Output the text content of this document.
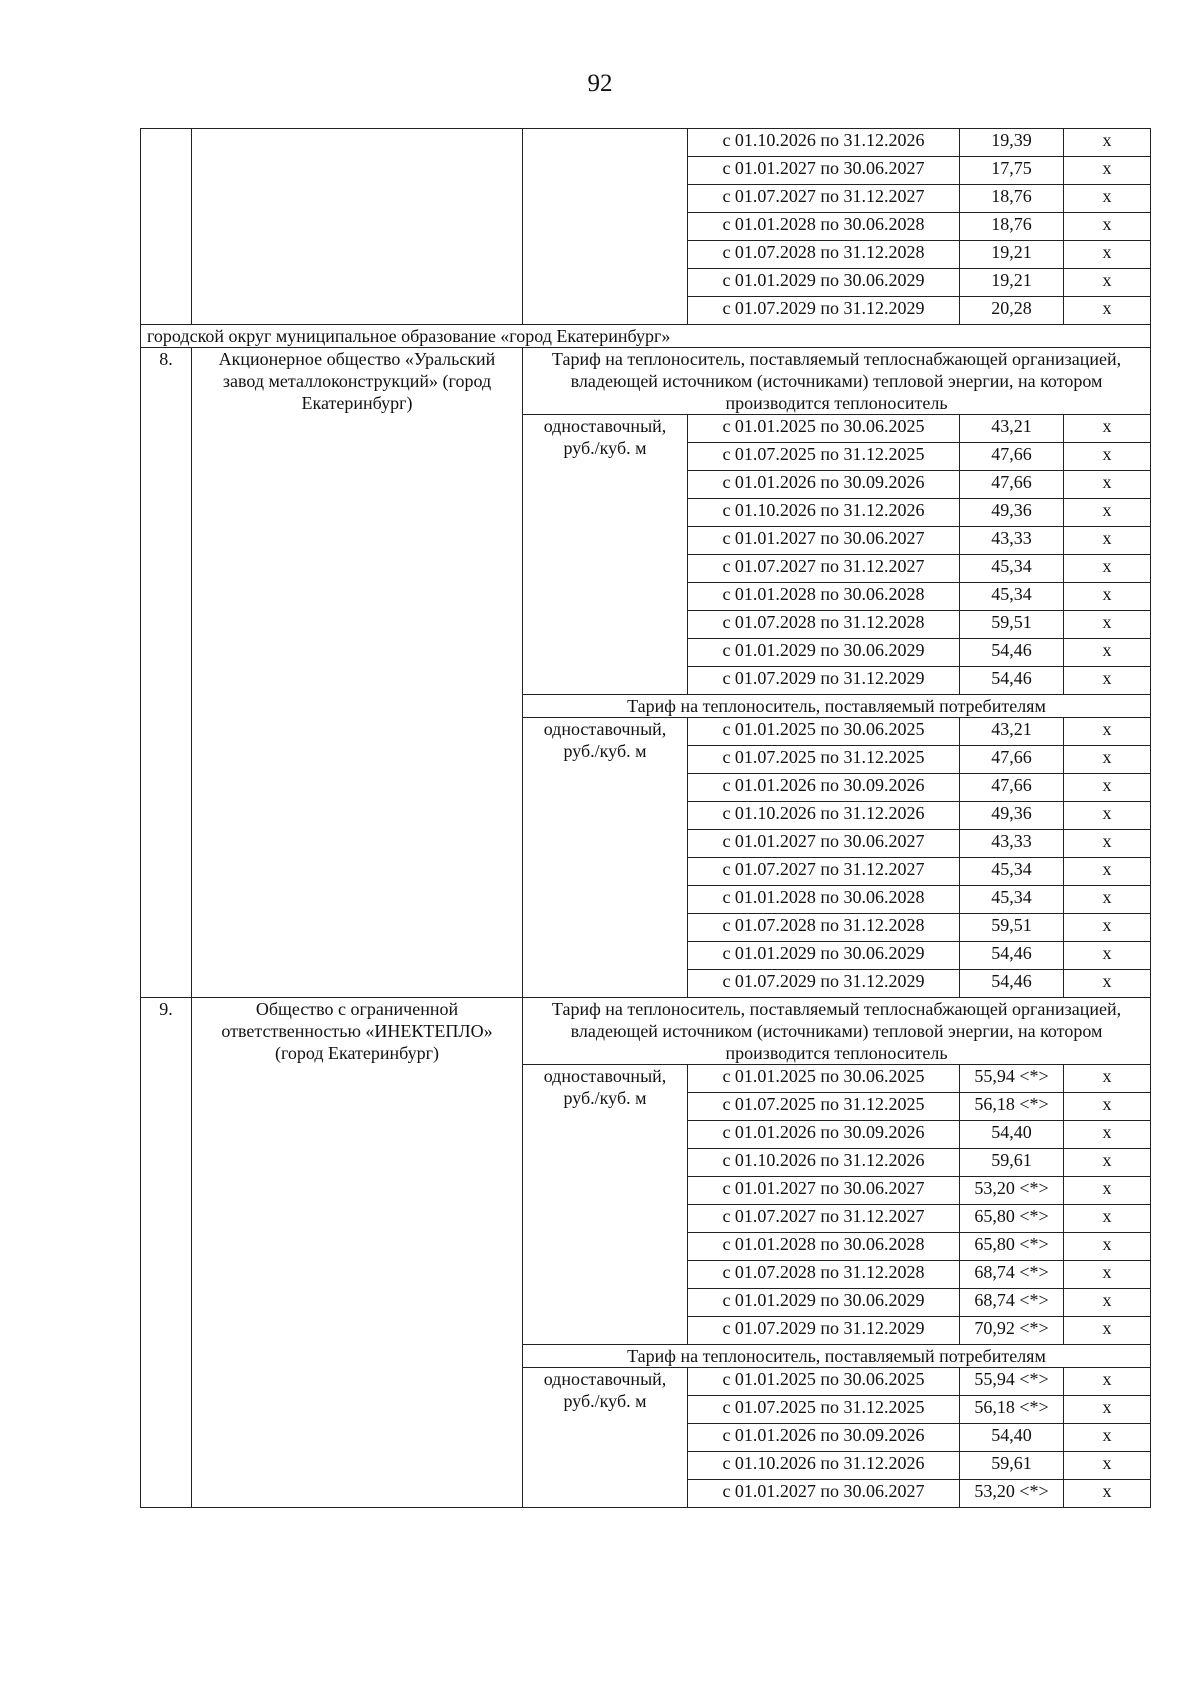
92
			с 01.10.2026 по 31.12.2026	19,39	x
			с 01.01.2027 по 30.06.2027	17,75	x
			с 01.07.2027 по 31.12.2027	18,76	x
			с 01.01.2028 по 30.06.2028	18,76	x
			с 01.07.2028 по 31.12.2028	19,21	x
			с 01.01.2029 по 30.06.2029	19,21	x
			с 01.07.2029 по 31.12.2029	20,28	x
городской округ муниципальное образование «город Екатеринбург»					
8.	Акционерное общество «Уральский завод металлоконструкций» (город Екатеринбург)	Тариф на теплоноситель, поставляемый теплоснабжающей организацией, владеющей источником (источниками) тепловой энергии, на котором производится теплоноситель			
		одноставочный, руб./куб. м	с 01.01.2025 по 30.06.2025	43,21	x
			с 01.07.2025 по 31.12.2025	47,66	x
			с 01.01.2026 по 30.09.2026	47,66	x
			с 01.10.2026 по 31.12.2026	49,36	x
			с 01.01.2027 по 30.06.2027	43,33	x
			с 01.07.2027 по 31.12.2027	45,34	x
			с 01.01.2028 по 30.06.2028	45,34	x
			с 01.07.2028 по 31.12.2028	59,51	x
			с 01.01.2029 по 30.06.2029	54,46	x
			с 01.07.2029 по 31.12.2029	54,46	x
		Тариф на теплоноситель, поставляемый потребителям			
		одноставочный, руб./куб. м	с 01.01.2025 по 30.06.2025	43,21	x
			с 01.07.2025 по 31.12.2025	47,66	x
			с 01.01.2026 по 30.09.2026	47,66	x
			с 01.10.2026 по 31.12.2026	49,36	x
			с 01.01.2027 по 30.06.2027	43,33	x
			с 01.07.2027 по 31.12.2027	45,34	x
			с 01.01.2028 по 30.06.2028	45,34	x
			с 01.07.2028 по 31.12.2028	59,51	x
			с 01.01.2029 по 30.06.2029	54,46	x
			с 01.07.2029 по 31.12.2029	54,46	x
9.	Общество с ограниченной ответственностью «ИНЕКТЕПЛО» (город Екатеринбург)	Тариф на теплоноситель, поставляемый теплоснабжающей организацией, владеющей источником (источниками) тепловой энергии, на котором производится теплоноситель			
		одноставочный, руб./куб. м	с 01.01.2025 по 30.06.2025	55,94 <*>	x
			с 01.07.2025 по 31.12.2025	56,18 <*>	x
			с 01.01.2026 по 30.09.2026	54,40	x
			с 01.10.2026 по 31.12.2026	59,61	x
			с 01.01.2027 по 30.06.2027	53,20 <*>	x
			с 01.07.2027 по 31.12.2027	65,80 <*>	x
			с 01.01.2028 по 30.06.2028	65,80 <*>	x
			с 01.07.2028 по 31.12.2028	68,74 <*>	x
			с 01.01.2029 по 30.06.2029	68,74 <*>	x
			с 01.07.2029 по 31.12.2029	70,92 <*>	x
		Тариф на теплоноситель, поставляемый потребителям			
		одноставочный, руб./куб. м	с 01.01.2025 по 30.06.2025	55,94 <*>	x
			с 01.07.2025 по 31.12.2025	56,18 <*>	x
			с 01.01.2026 по 30.09.2026	54,40	x
			с 01.10.2026 по 31.12.2026	59,61	x
			с 01.01.2027 по 30.06.2027	53,20 <*>	x
